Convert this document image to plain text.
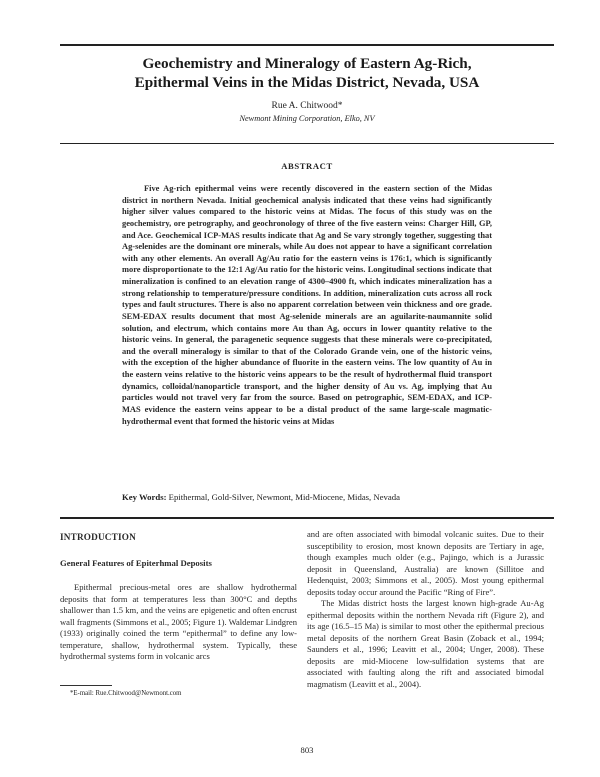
Geochemistry and Mineralogy of Eastern Ag-Rich,
Epithermal Veins in the Midas District, Nevada, USA
Rue A. Chitwood*
Newmont Mining Corporation, Elko, NV
ABSTRACT
Five Ag-rich epithermal veins were recently discovered in the eastern section of the Midas district in northern Nevada. Initial geochemical analysis indicated that these veins had significantly higher silver values compared to the historic veins at Midas. The focus of this study was on the geochemistry, ore petrography, and geochronology of three of the five eastern veins: Charger Hill, GP, and Ace. Geochemical ICP-MAS results indicate that Ag and Se vary strongly together, suggesting that Ag-selenides are the dominant ore minerals, while Au does not appear to have a significant correlation with any other elements. An overall Ag/Au ratio for the eastern veins is 176:1, which is significantly more disproportionate to the 12:1 Ag/Au ratio for the historic veins. Longitudinal sections indicate that mineralization is confined to an elevation range of 4300–4900 ft, which indicates mineralization has a strong relationship to temperature/pressure conditions. In addition, mineralization cuts across all rock types and fault structures. There is also no apparent correlation between vein thickness and ore grade. SEM-EDAX results document that most Ag-selenide minerals are an aguilarite-naumannite solid solution, and electrum, which contains more Au than Ag, occurs in lower quantity relative to the historic veins. In general, the paragenetic sequence suggests that these minerals were co-precipitated, and the overall mineralogy is similar to that of the Colorado Grande vein, one of the historic veins, with the exception of the higher abundance of fluorite in the eastern veins. The low quantity of Au in the eastern veins relative to the historic veins appears to be the result of hydrothermal fluid transport dynamics, colloidal/nanoparticle transport, and the higher density of Au vs. Ag, implying that Au particles would not travel very far from the source. Based on petrographic, SEM-EDAX, and ICP-MAS evidence the eastern veins appear to be a distal product of the same large-scale magmatic-hydrothermal event that formed the historic veins at Midas
Key Words: Epithermal, Gold-Silver, Newmont, Mid-Miocene, Midas, Nevada
INTRODUCTION
General Features of Epiterhmal Deposits

Epithermal precious-metal ores are shallow hydrothermal deposits that form at temperatures less than 300°C and depths shallower than 1.5 km, and the veins are epigenetic and often encrust wall fragments (Simmons et al., 2005; Figure 1). Waldemar Lindgren (1933) originally coined the term “epithermal” to define any low-temperature, shallow, hydrothermal system. Typically, these hydrothermal systems form in volcanic arcs

and are often associated with bimodal volcanic suites. Due to their susceptibility to erosion, most known deposits are Tertiary in age, though examples much older (e.g., Pajingo, which is a Jurassic deposit in Queensland, Australia) are known (Sillitoe and Hedenquist, 2003; Simmons et al., 2005). Most young epithermal deposits today occur around the Pacific “Ring of Fire”.

The Midas district hosts the largest known high-grade Au-Ag epithermal deposits within the northern Nevada rift (Figure 2), and its age (16.5–15 Ma) is similar to most other the epithermal precious metal deposits of the northern Great Basin (Zoback et al., 1994; Saunders et al., 1996; Leavitt et al., 2004; Unger, 2008). These deposits are mid-Miocene low-sulfidation systems that are associated with faulting along the rift and associated bimodal magmatism (Leavitt et al., 2004).

*E-mail: Rue.Chitwood@Newmont.com
803
